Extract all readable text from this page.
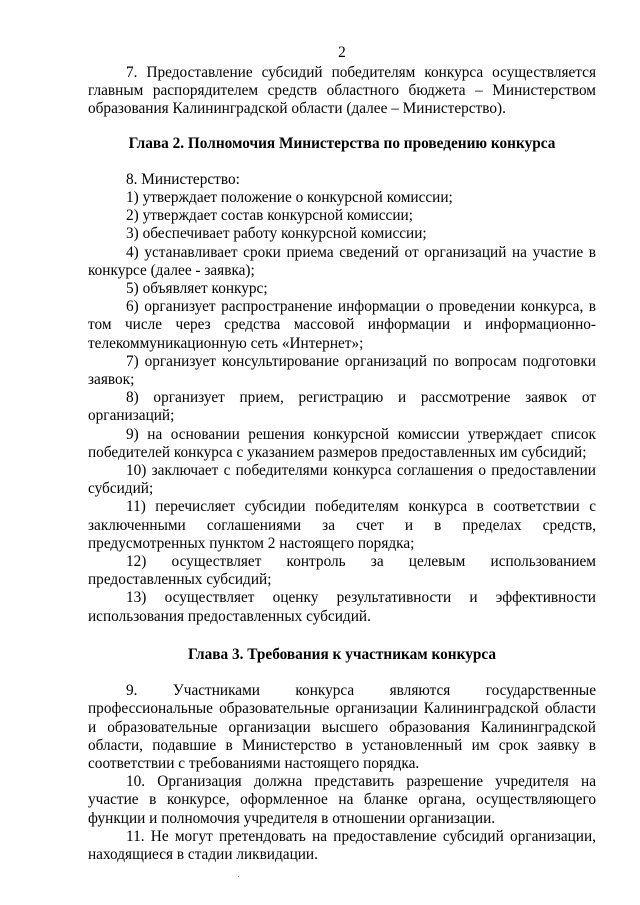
2

7. Предоставление субсидий победителям конкурса осуществляется главным распорядителем средств областного бюджета – Министерством образования Калининградской области (далее – Министерство).

Глава 2. Полномочия Министерства по проведению конкурса

8. Министерство:

1) утверждает положение о конкурсной комиссии;

2) утверждает состав конкурсной комиссии;

3) обеспечивает работу конкурсной комиссии;

4) устанавливает сроки приема сведений от организаций на участие в конкурсе (далее - заявка);

5) объявляет конкурс;

6) организует распространение информации о проведении конкурса, в том числе через средства массовой информации и информационно-телекоммуникационную сеть «Интернет»;

7) организует консультирование организаций по вопросам подготовки заявок;

8) организует прием, регистрацию и рассмотрение заявок от организаций;

9) на основании решения конкурсной комиссии утверждает список победителей конкурса с указанием размеров предоставленных им субсидий;

10) заключает с победителями конкурса соглашения о предоставлении субсидий;

11) перечисляет субсидии победителям конкурса в соответствии с заключенными соглашениями за счет и в пределах средств, предусмотренных пунктом 2 настоящего порядка;

12) осуществляет контроль за целевым использованием предоставленных субсидий;

13) осуществляет оценку результативности и эффективности использования предоставленных субсидий.

Глава 3. Требования к участникам конкурса

9. Участниками конкурса являются государственные профессиональные образовательные организации Калининградской области и образовательные организации высшего образования Калининградской области, подавшие в Министерство в установленный им срок заявку в соответствии с требованиями настоящего порядка.

10. Организация должна представить разрешение учредителя на участие в конкурсе, оформленное на бланке органа, осуществляющего функции и полномочия учредителя в отношении организации.

11. Не могут претендовать на предоставление субсидий организации, находящиеся в стадии ликвидации.
